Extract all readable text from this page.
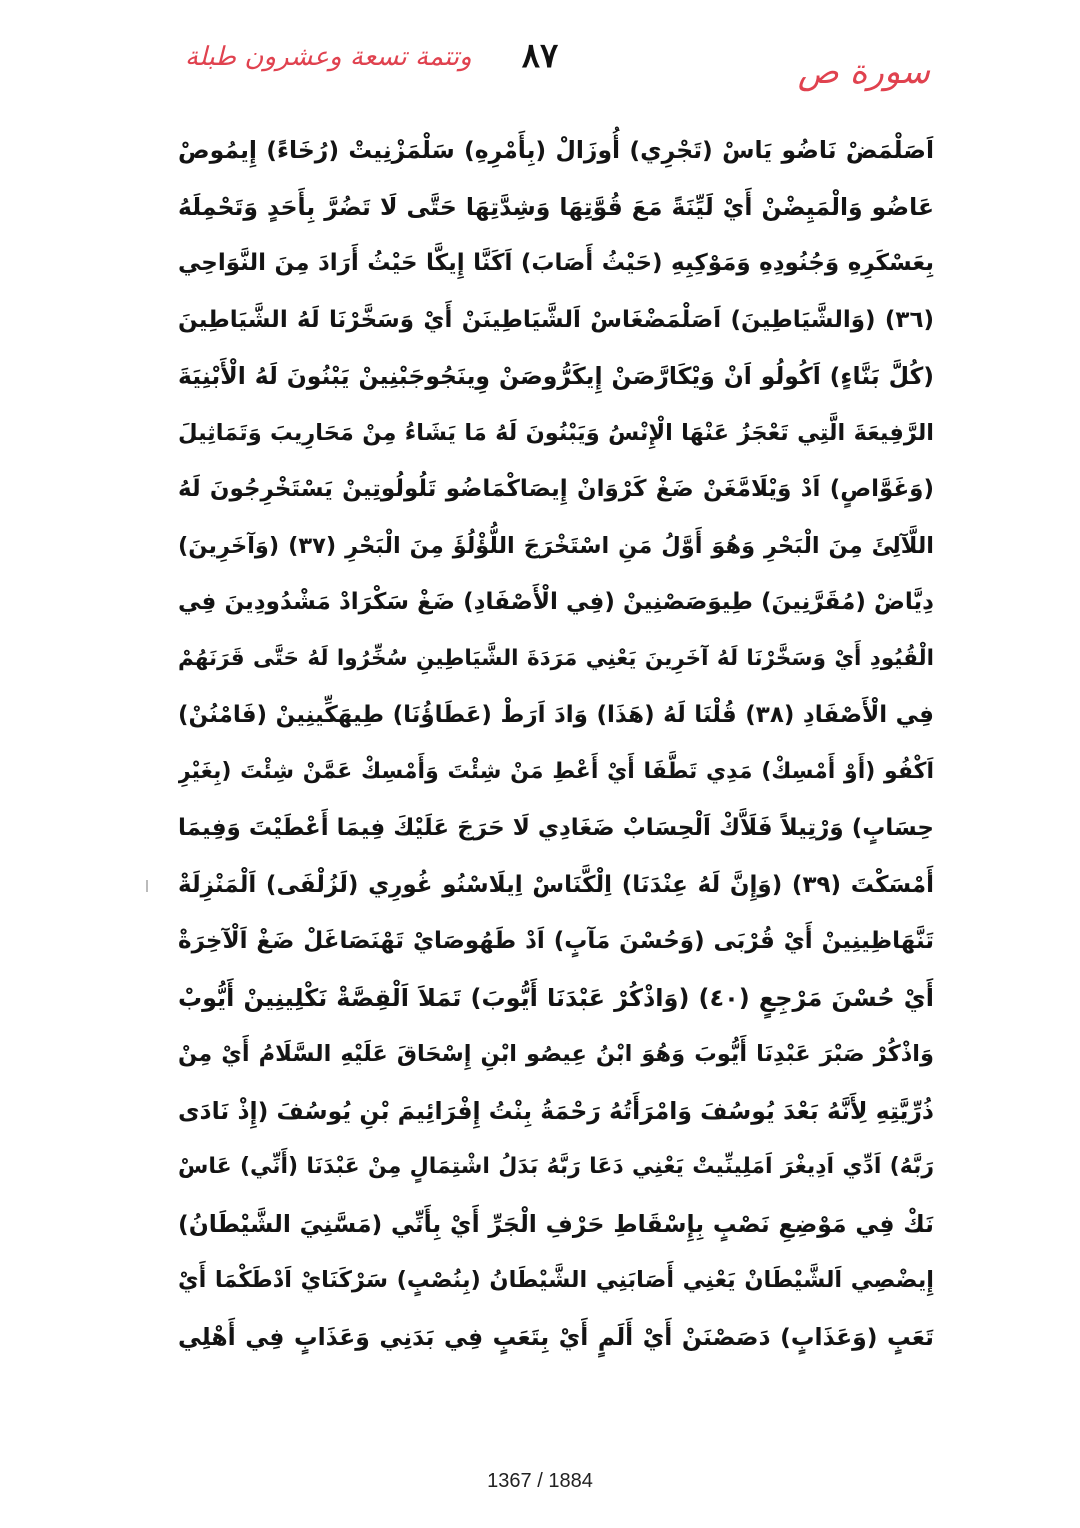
٨٧	سورة ص
وتتمة تسعة وعشرون طبلة
اَصَلْمَضْ نَاضُو يَاسْ (تَجْرِي) أُوزَالْ (بِأَمْرِهِ) سَلْمَزْنِيتْ (رُخَاءً) إِيمُوصْ
عَاضُو وَالْمَيِضْنْ أَيْ لَيِّنَةً مَعَ قُوَّتِهَا وَشِدَّتِهَا حَتَّى لَا تَضُرَّ بِأَحَدٍ وَتَحْمِلَهُ
بِعَسْكَرِهِ وَجُنُودِهِ وَمَوْكِبِهِ (حَيْثُ أَصَابَ) اَكَنَّا إِيكَّا حَيْثُ أَرَادَ مِنَ النَّوَاحِي
(٣٦) (وَالشَّيَاطِينَ) اَصَلْمَضْغَاسْ اَلشَّيَاطِينَنْ أَيْ وَسَخَّرْنَا لَهُ الشَّيَاطِينَ
(كُلَّ بَنَّاءٍ) اَكُولُو اَنْ وَيْكَارَّصَنْ إِيكَرُّوصَنْ وِينَجُوجَبْنِينْ يَبْنُونَ لَهُ الْأَبْنِيَةَ
الرَّفِيعَةَ الَّتِي تَعْجَزُ عَنْهَا الْإِنْسُ وَيَبْنُونَ لَهُ مَا يَشَاءُ مِنْ مَحَارِيبَ وَتَمَاثِيلَ
(وَغَوَّاصٍ) اَدْ وَيْلَامَّغَنْ ضَغْ كَرْوَانْ إِيصَاكْمَاضُو تَلُولُوتِينْ يَسْتَخْرِجُونَ لَهُ
اللَّآلِئَ مِنَ الْبَحْرِ وَهُوَ أَوَّلُ مَنِ اسْتَخْرَجَ اللُّؤْلُؤَ مِنَ الْبَحْرِ (٣٧) (وَآخَرِينَ)
دِيَّاضْ (مُقَرَّنِينَ) طِيوَصَصْنِينْ (فِي الْأَصْفَادِ) ضَغْ سَكْرَادْ مَشْدُودِينَ فِي
الْقُيُودِ أَيْ وَسَخَّرْنَا لَهُ آخَرِينَ يَعْنِي مَرَدَةَ الشَّيَاطِينِ سُخِّرُوا لَهُ حَتَّى قَرَنَهُمْ
فِي الْأَصْفَادِ (٣٨) قُلْنَا لَهُ (هَذَا) وَادَ اَرَطْ (عَطَاؤُنَا) طِيهَكِّينِينْ (فَامْنُنْ)
اَكْفُو (أَوْ أَمْسِكْ) مَدِي تَطَّفَا أَيْ أَعْطِ مَنْ شِئْتَ وَأَمْسِكْ عَمَّنْ شِئْتَ (بِغَيْرِ
حِسَابٍ) وَرْتِيلاً فَلَاَّكْ اَلْحِسَابْ ضَغَادِي لَا حَرَجَ عَلَيْكَ فِيمَا أَعْطَيْتَ وَفِيمَا
أَمْسَكْتَ (٣٩) (وَإِنَّ لَهُ عِنْدَنَا) اِلْكَّنَاسْ اِيلَاسْنُو غُورِي (لَزُلْفَى) اَلْمَنْزِلَةْ
تَنَّهَاظِينِينْ أَيْ قُرْبَى (وَحُسْنَ مَآبٍ) اَدْ طَهُوصَايْ تَهْنَصَاغَلْ ضَغْ اَلْآخِرَةْ
أَيْ حُسْنَ مَرْجِعٍ (٤٠) (وَاذْكُرْ عَبْدَنَا أَيُّوبَ) تَمَلاَ اَلْقِصَّةْ نَكْلِينِينْ أَيُّوبْ
وَاذْكُرْ صَبْرَ عَبْدِنَا أَيُّوبَ وَهُوَ ابْنُ عِيصُو ابْنِ إِسْحَاقَ عَلَيْهِ السَّلَامُ أَيْ مِنْ
ذُرِّيَّتِهِ لِأَنَّهُ بَعْدَ يُوسُفَ وَامْرَأَتُهُ رَحْمَةُ بِنْتُ إِفْرَائِيمَ بْنِ يُوسُفَ (إِذْ نَادَى
رَبَّهُ) اَدِّي اَدِيغْرَ اَمَلِينِّيتْ يَعْنِي دَعَا رَبَّهُ بَدَلُ اشْتِمَالٍ مِنْ عَبْدَنَا (أَنِّي) عَاسْ
نَكْ فِي مَوْضِعِ نَصْبٍ بِإِسْقَاطِ حَرْفِ الْجَرِّ أَيْ بِأَنِّي (مَسَّنِيَ الشَّيْطَانُ)
إِيضْصِي اَلشَّيْطَانْ يَعْنِي أَصَابَنِي الشَّيْطَانُ (بِنُصْبٍ) سَرْكَنَايْ اَدْطَكْمَا أَيْ
تَعَبٍ (وَعَذَابٍ) دَصَصْنَنْ أَيْ أَلَمٍ أَيْ بِتَعَبٍ فِي بَدَنِي وَعَذَابٍ فِي أَهْلِي
1367 / 1884
